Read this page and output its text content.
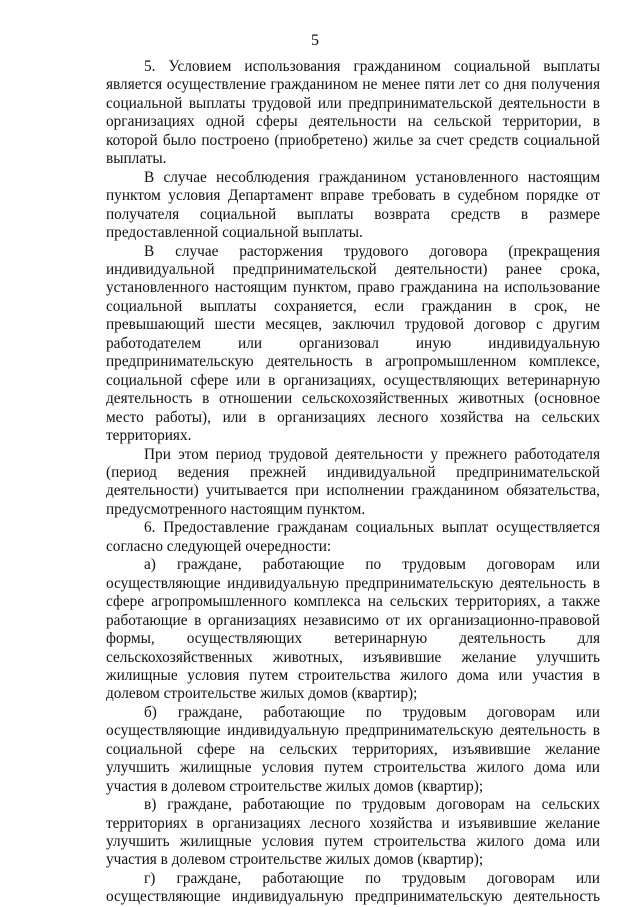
5

5. Условием использования гражданином социальной выплаты является осуществление гражданином не менее пяти лет со дня получения социальной выплаты трудовой или предпринимательской деятельности в организациях одной сферы деятельности на сельской территории, в которой было построено (приобретено) жилье за счет средств социальной выплаты.

В случае несоблюдения гражданином установленного настоящим пунктом условия Департамент вправе требовать в судебном порядке от получателя социальной выплаты возврата средств в размере предоставленной социальной выплаты.

В случае расторжения трудового договора (прекращения индивидуальной предпринимательской деятельности) ранее срока, установленного настоящим пунктом, право гражданина на использование социальной выплаты сохраняется, если гражданин в срок, не превышающий шести месяцев, заключил трудовой договор с другим работодателем или организовал иную индивидуальную предпринимательскую деятельность в агропромышленном комплексе, социальной сфере или в организациях, осуществляющих ветеринарную деятельность в отношении сельскохозяйственных животных (основное место работы), или в организациях лесного хозяйства на сельских территориях.

При этом период трудовой деятельности у прежнего работодателя (период ведения прежней индивидуальной предпринимательской деятельности) учитывается при исполнении гражданином обязательства, предусмотренного настоящим пунктом.

6. Предоставление гражданам социальных выплат осуществляется согласно следующей очередности:

а) граждане, работающие по трудовым договорам или осуществляющие индивидуальную предпринимательскую деятельность в сфере агропромышленного комплекса на сельских территориях, а также работающие в организациях независимо от их организационно-правовой формы, осуществляющих ветеринарную деятельность для сельскохозяйственных животных, изъявившие желание улучшить жилищные условия путем строительства жилого дома или участия в долевом строительстве жилых домов (квартир);

б) граждане, работающие по трудовым договорам или осуществляющие индивидуальную предпринимательскую деятельность в социальной сфере на сельских территориях, изъявившие желание улучшить жилищные условия путем строительства жилого дома или участия в долевом строительстве жилых домов (квартир);

в) граждане, работающие по трудовым договорам на сельских территориях в организациях лесного хозяйства и изъявившие желание улучшить жилищные условия путем строительства жилого дома или участия в долевом строительстве жилых домов (квартир);

г) граждане, работающие по трудовым договорам или осуществляющие индивидуальную предпринимательскую деятельность
